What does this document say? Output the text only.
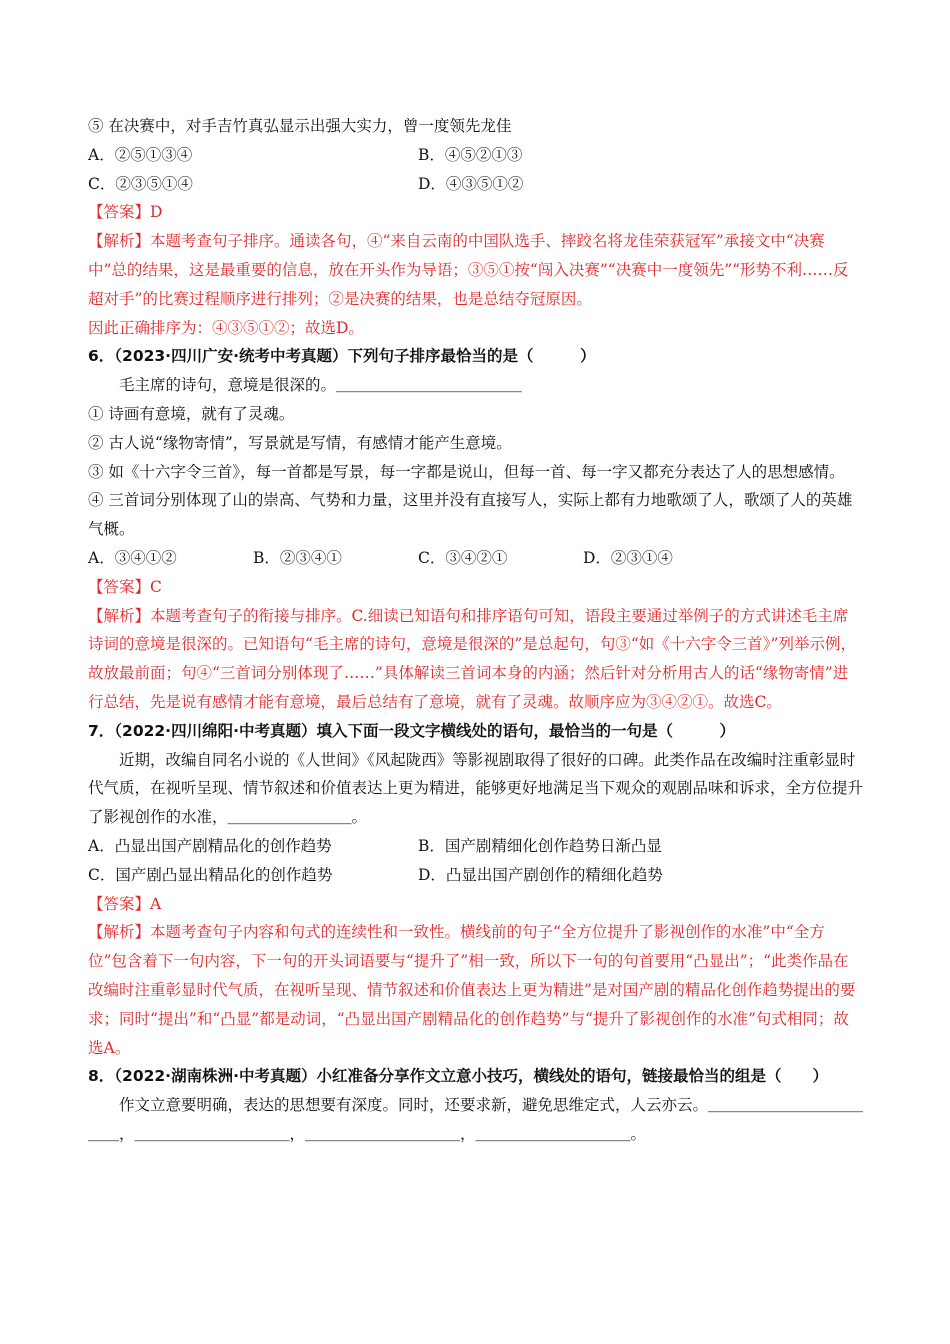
⑤ 在决赛中，对手吉竹真弘显示出强大实力，曾一度领先龙佳
A．②⑤①③④	B．④⑤②①③
C．②③⑤①④	D．④③⑤①②
【答案】D
【解析】本题考查句子排序。通读各句，④“来自云南的中国队选手、摔跤名将龙佳荣获冠军”承接文中“决赛中”总的结果，这是最重要的信息，放在开头作为导语；③⑤①按“闯入决赛”“决赛中一度领先”“形势不利……反超对手”的比赛过程顺序进行排列；②是决赛的结果，也是总结夺冠原因。
因此正确排序为：④③⑤①②；故选D。
6．（2023·四川广安·统考中考真题）下列句子排序最恰当的是（　　　）
毛主席的诗句，意境是很深的。＿＿＿＿＿＿＿＿＿＿＿＿
① 诗画有意境，就有了灵魂。
② 古人说“缘物寄情”，写景就是写情，有感情才能产生意境。
③ 如《十六字令三首》，每一首都是写景，每一字都是说山，但每一首、每一字又都充分表达了人的思想感情。
④ 三首词分别体现了山的崇高、气势和力量，这里并没有直接写人，实际上都有力地歌颂了人，歌颂了人的英雄气概。
A．③④①②	B．②③④①	C．③④②①	D．②③①④
【答案】C
【解析】本题考查句子的衔接与排序。C.细读已知语句和排序语句可知，语段主要通过举例子的方式讲述毛主席诗词的意境是很深的。已知语句“毛主席的诗句，意境是很深的”是总起句，句③“如《十六字令三首》”列举示例，故放最前面；句④“三首词分别体现了……”具体解读三首词本身的内涵；然后针对分析用古人的话“缘物寄情”进行总结，先是说有感情才能有意境，最后总结有了意境，就有了灵魂。故顺序应为③④②①。故选C。
7．（2022·四川绵阳·中考真题）填入下面一段文字横线处的语句，最恰当的一句是（　　　）
近期，改编自同名小说的《人世间》《风起陇西》等影视剧取得了很好的口碑。此类作品在改编时注重彰显时代气质，在视听呈现、情节叙述和价值表达上更为精进，能够更好地满足当下观众的观剧品味和诉求，全方位提升了影视创作的水准，＿＿＿＿＿＿＿＿。
A．凸显出国产剧精品化的创作趋势	B．国产剧精细化创作趋势日渐凸显
C．国产剧凸显出精品化的创作趋势	D．凸显出国产剧创作的精细化趋势
【答案】A
【解析】本题考查句子内容和句式的连续性和一致性。横线前的句子“全方位提升了影视创作的水准”中“全方位”包含着下一句内容，下一句的开头词语要与“提升了”相一致，所以下一句的句首要用“凸显出”；“此类作品在改编时注重彰显时代气质，在视听呈现、情节叙述和价值表达上更为精进”是对国产剧的精品化创作趋势提出的要求；同时“提出”和“凸显”都是动词，“凸显出国产剧精品化的创作趋势”与“提升了影视创作的水准”句式相同；故选A。
8．（2022·湖南株洲·中考真题）小红准备分享作文立意小技巧，横线处的语句，链接最恰当的组是（　　）
作文立意要明确，表达的思想要有深度。同时，还要求新，避免思维定式，人云亦云。＿＿＿＿＿＿＿＿＿＿＿＿，＿＿＿＿＿＿＿＿＿＿，＿＿＿＿＿＿＿＿＿＿，＿＿＿＿＿＿＿＿＿＿。
